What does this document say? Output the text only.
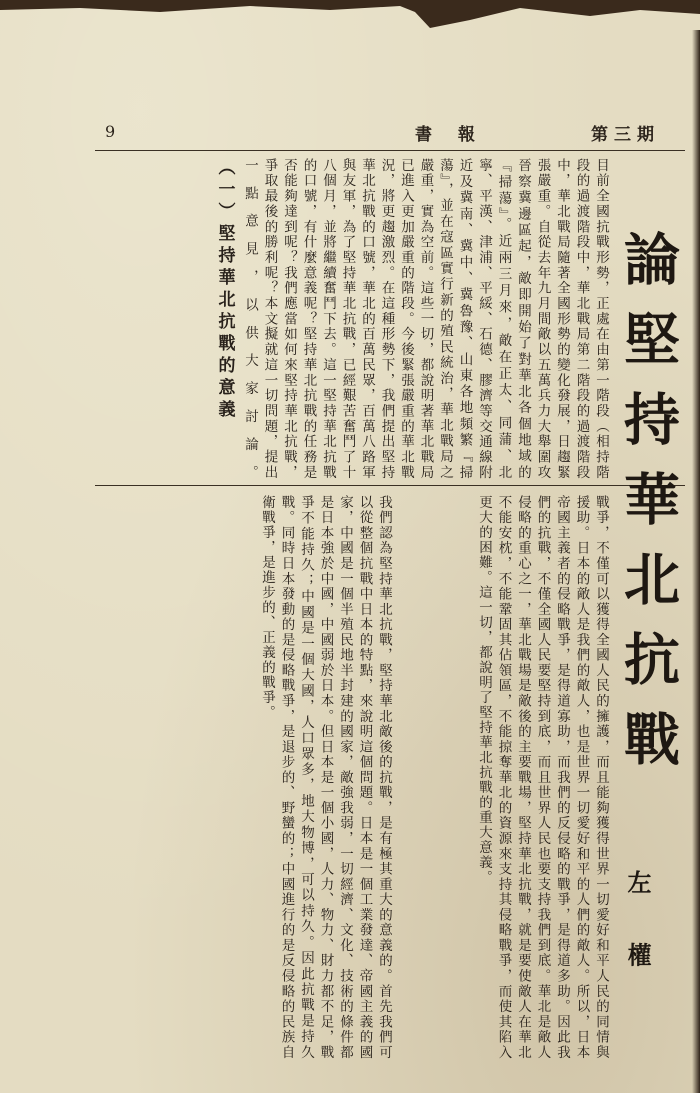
9	書 報	第三期
論堅持華北抗戰
左 權
目前全國抗戰形勢，正處在由第一階段（相持階段的過渡階段中，華北戰局第二階段的過渡階段中，華北戰局隨著全國形勢的變化發展，日趨緊張嚴重。自從去年九月間敵以五萬兵力大舉圍攻晉察冀邊區起，敵即開始了對華北各個地域的『掃蕩』。近兩三月來，敵在正太、同蒲、北寧、平漢、津浦、平綏、石德、膠濟等交通線附近及冀南、冀中、冀魯豫、山東各地頻繁『掃蕩』，並在寇區實行新的殖民統治，華北戰局之嚴重，實為空前。這些一切，都說明著華北戰局已進入更加嚴重的階段。今後緊張嚴重的華北戰況，將更趨激烈。在這種形勢下，我們提出堅持華北抗戰的口號，華北的百萬民眾，百萬八路軍與友軍，為了堅持華北抗戰，已經艱苦奮鬥了十八個月，並將繼續奮鬥下去。這一堅持華北抗戰的口號，有什麼意義呢？堅持華北抗戰的任務是否能夠達到呢？我們應當如何來堅持華北抗戰，爭取最後的勝利呢？本文擬就這一切問題，提出一點意見，以供大家討論。 （一）堅持華北抗戰的意義
戰爭，不僅可以獲得全國人民的擁護，而且能夠獲得世界一切愛好和平人民的同情與援助。日本的敵人是我們的敵人，也是世界一切愛好和平的人們的敵人。所以，日本帝國主義者的侵略戰爭，是得道寡助，而我們的反侵略的戰爭，是得道多助。因此我們的抗戰，不僅全國人民要堅持到底，而且世界人民也要支持我們到底。華北是敵人侵略的重心之一，華北戰場是敵後的主要戰場，堅持華北抗戰，就是要使敵人在華北不能安枕，不能鞏固其佔領區，不能掠奪華北的資源來支持其侵略戰爭，而使其陷入更大的困難。這一切，都說明了堅持華北抗戰的重大意義。
我們認為堅持華北抗戰，堅持華北敵後的抗戰，是有極其重大的意義的。首先我們可以從整個抗戰中日本的特點，來說明這個問題。日本是一個工業發達、帝國主義的國家，中國是一個半殖民地半封建的國家，敵強我弱，一切經濟、文化、技術的條件都是日本強於中國，中國弱於日本。但日本是一個小國，人力、物力、財力都不足，戰爭不能持久；中國是一個大國，人口眾多，地大物博，可以持久。因此抗戰是持久戰。同時日本發動的是侵略戰爭，是退步的、野蠻的；中國進行的是反侵略的民族自衛戰爭，是進步的、正義的戰爭。
